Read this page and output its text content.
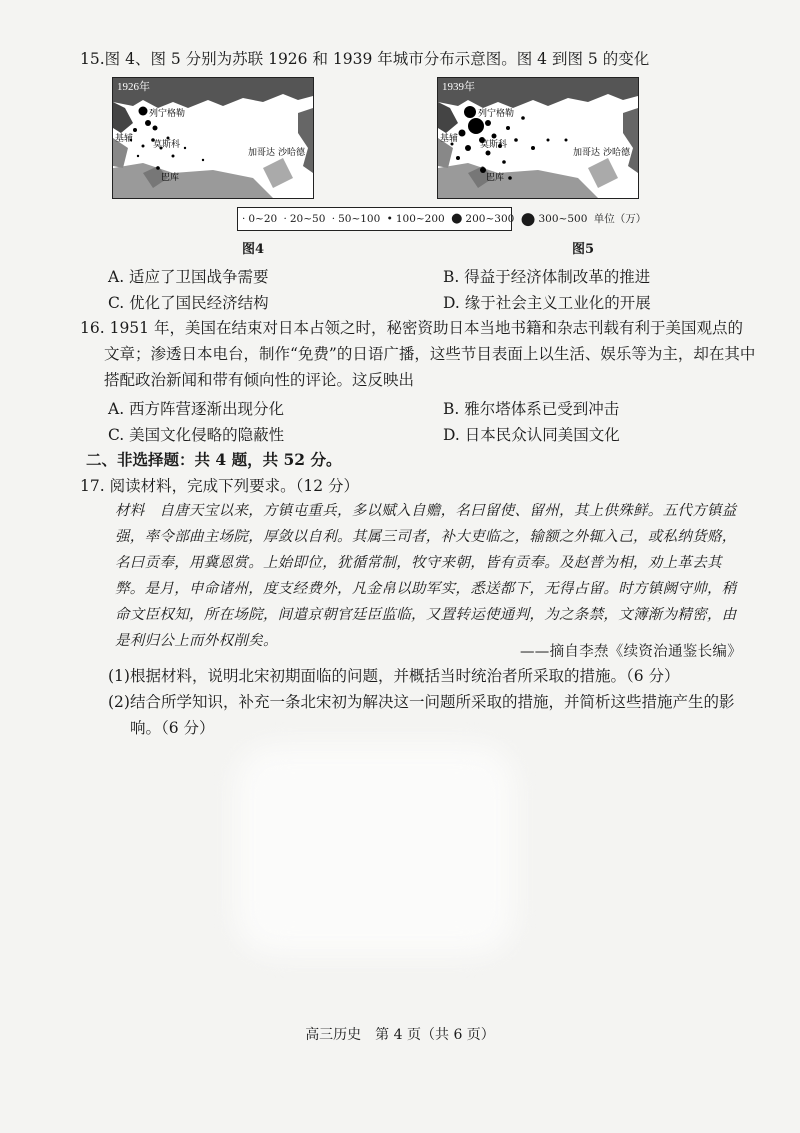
15.图 4、图 5 分别为苏联 1926 和 1939 年城市分布示意图。图 4 到图 5 的变化
1926年
列宁格勒
基辅
莫斯科
巴库
加哥达 沙哈德
1939年
列宁格勒
基辅
莫斯科
巴库
加哥达 沙哈德
· 0~20 · 20~50 · 50~100 • 100~200 ● 200~300 ● 300~500 单位（万）
图4	图5
A. 适应了卫国战争需要	B. 得益于经济体制改革的推进
C. 优化了国民经济结构	D. 缘于社会主义工业化的开展
16. 1951 年，美国在结束对日本占领之时，秘密资助日本当地书籍和杂志刊载有利于美国观点的
文章；渗透日本电台，制作“免费”的日语广播，这些节目表面上以生活、娱乐等为主，却在其中
搭配政治新闻和带有倾向性的评论。这反映出
A. 西方阵营逐渐出现分化	B. 雅尔塔体系已受到冲击
C. 美国文化侵略的隐蔽性	D. 日本民众认同美国文化
二、非选择题：共 4 题，共 52 分。
17. 阅读材料，完成下列要求。（12 分）
材料　自唐天宝以来，方镇屯重兵，多以赋入自赡，名曰留使、留州，其上供殊鲜。五代方镇益
强，率令部曲主场院，厚敛以自利。其属三司者，补大吏临之，输额之外辄入己，或私纳货赂，
名曰贡奉，用冀恩赏。上始即位，犹循常制，牧守来朝，皆有贡奉。及赵普为相，劝上革去其
弊。是月，申命诸州，度支经费外，凡金帛以助军实，悉送都下，无得占留。时方镇阙守帅，稍
命文臣权知，所在场院，间遣京朝官廷臣监临，又置转运使通判，为之条禁，文簿渐为精密，由
是利归公上而外权削矣。
——摘自李焘《续资治通鉴长编》
(1)根据材料，说明北宋初期面临的问题，并概括当时统治者所采取的措施。（6 分）
(2)结合所学知识，补充一条北宋初为解决这一问题所采取的措施，并简析这些措施产生的影
响。（6 分）
高三历史　第 4 页（共 6 页）
